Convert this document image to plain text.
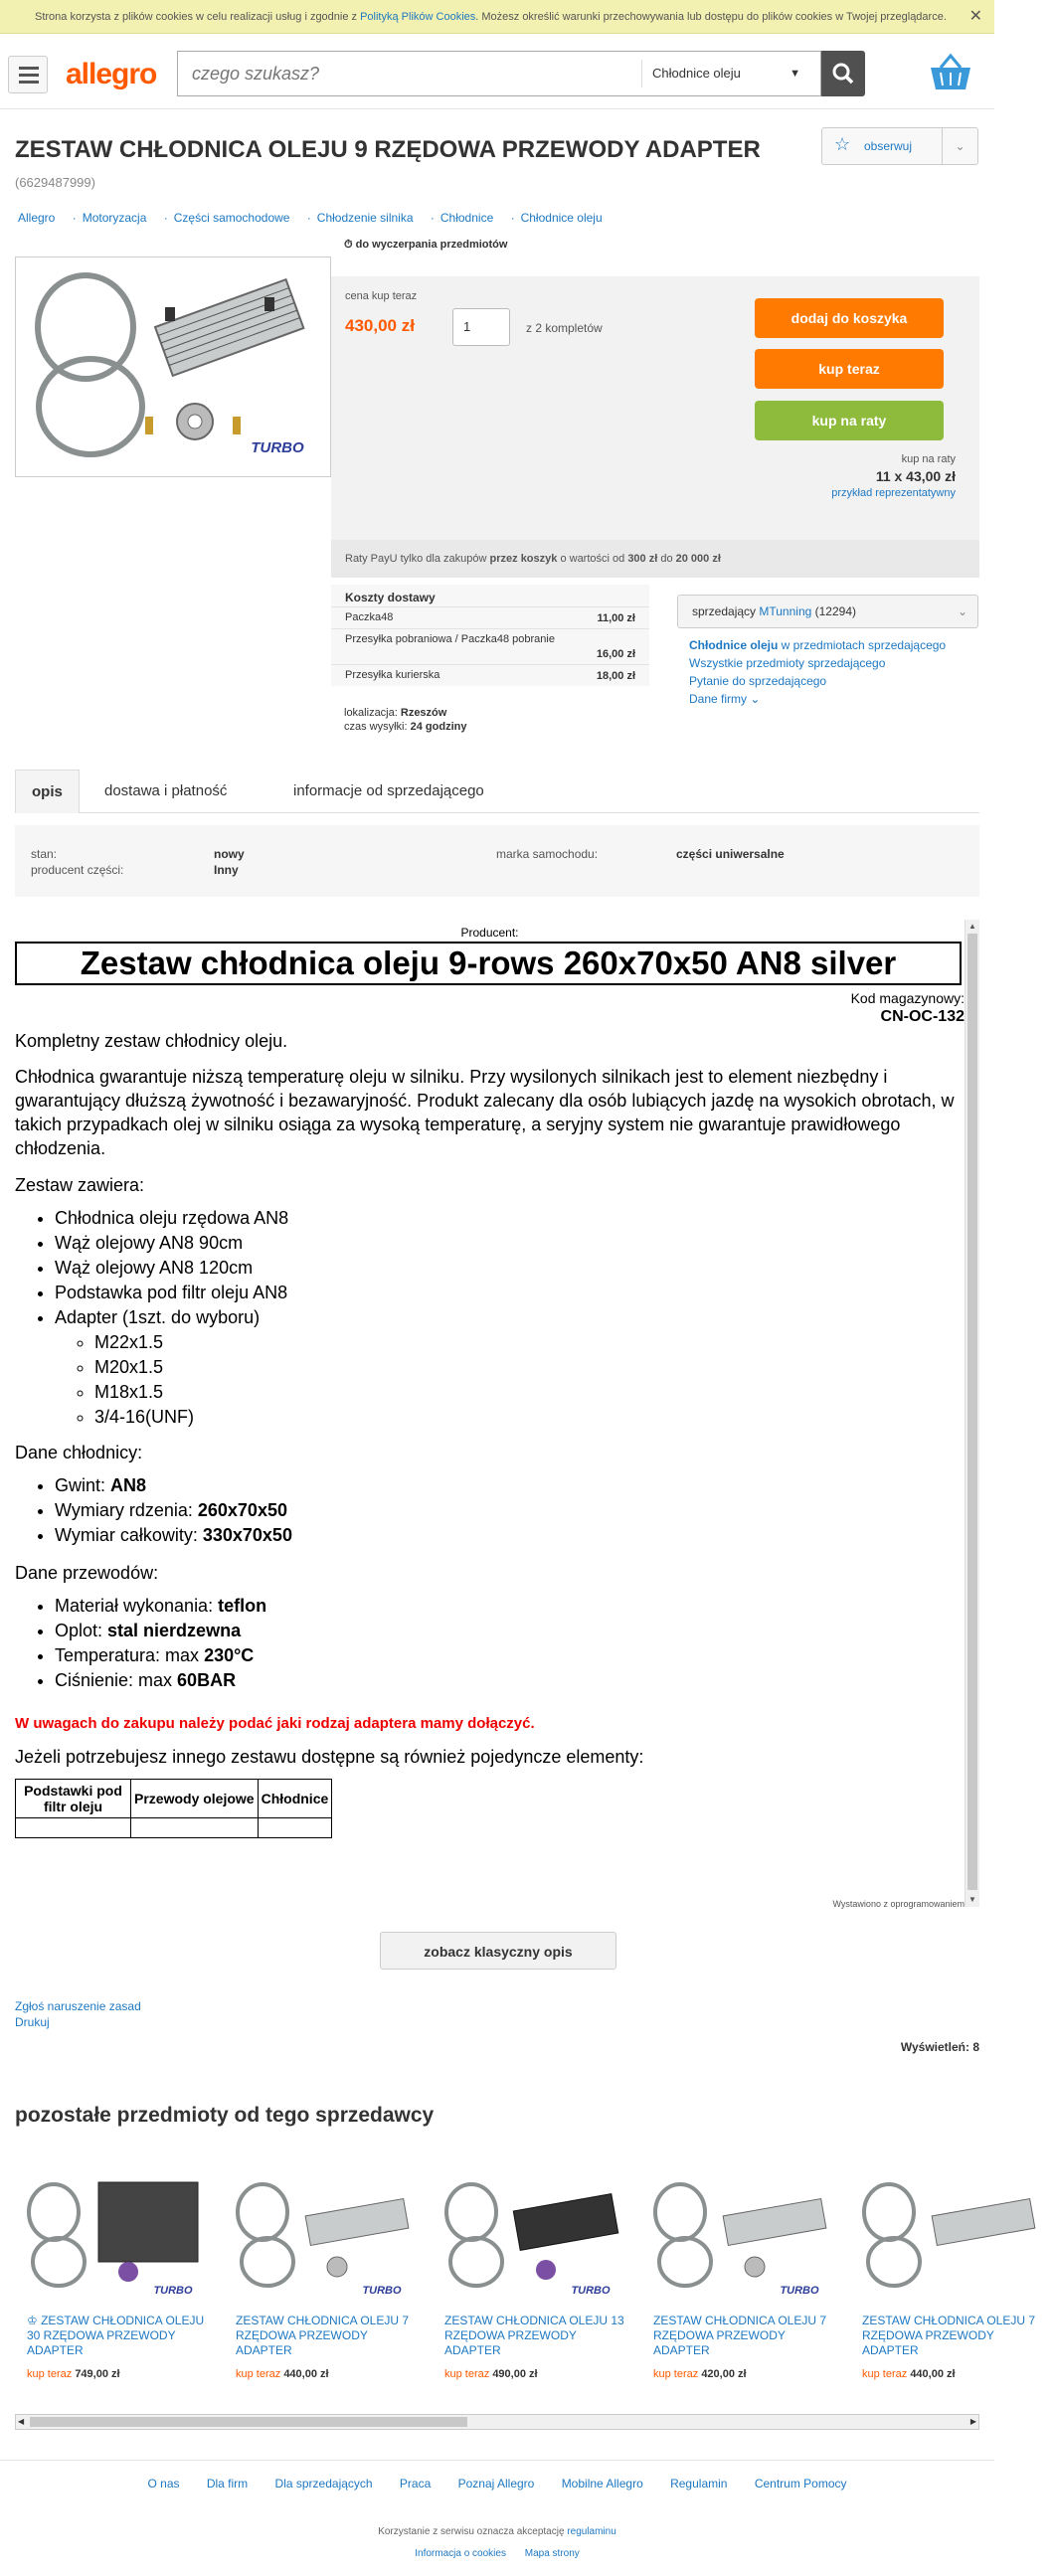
Strona korzysta z plików cookies w celu realizacji usług i zgodnie z Polityką Plików Cookies. Możesz określić warunki przechowywania lub dostępu do plików cookies w Twojej przeglądarce. ✕
allegro
czego szukasz?	Chłodnice oleju	▼
ZESTAW CHŁODNICA OLEJU 9 RZĘDOWA PRZEWODY ADAPTER (6629487999)
☆ obserwuj	⌄
Allegro · Motoryzacja · Części samochodowe · Chłodzenie silnika · Chłodnice · Chłodnice oleju
TURBO
⏱ do wyczerpania przedmiotów
cena kup teraz
430,00 zł	1	z 2 kompletów
dodaj do koszyka
kup teraz
kup na raty
kup na raty
11 x 43,00 zł
przykład reprezentatywny
Raty PayU tylko dla zakupów przez koszyk o wartości od 300 zł do 20 000 zł
Koszty dostawy
Paczka48	11,00 zł
Przesyłka pobraniowa / Paczka48 pobranie
16,00 zł
Przesyłka kurierska	18,00 zł
lokalizacja: Rzeszów
czas wysyłki: 24 godziny
sprzedający MTunning (12294)	⌄
Chłodnice oleju w przedmiotach sprzedającego
Wszystkie przedmioty sprzedającego
Pytanie do sprzedającego
Dane firmy ⌄
opis	dostawa i płatność	informacje od sprzedającego
stan:	nowy
producent części:	Inny
marka samochodu:	części uniwersalne
Producent:
Zestaw chłodnica oleju 9-rows 260x70x50 AN8 silver
Kod magazynowy:
CN-OC-132
Kompletny zestaw chłodnicy oleju.
Chłodnica gwarantuje niższą temperaturę oleju w silniku. Przy wysilonych silnikach jest to element niezbędny i gwarantujący dłuższą żywotność i bezawaryjność. Produkt zalecany dla osób lubiących jazdę na wysokich obrotach, w takich przypadkach olej w silniku osiąga za wysoką temperaturę, a seryjny system nie gwarantuje prawidłowego chłodzenia.
Zestaw zawiera:
• Chłodnica oleju rzędowa AN8
• Wąż olejowy AN8 90cm
• Wąż olejowy AN8 120cm
• Podstawka pod filtr oleju AN8
• Adapter (1szt. do wyboru)
◦ M22x1.5
◦ M20x1.5
◦ M18x1.5
◦ 3/4-16(UNF)
Dane chłodnicy:
• Gwint: AN8
• Wymiary rdzenia: 260x70x50
• Wymiar całkowity: 330x70x50
Dane przewodów:
• Materiał wykonania: teflon
• Oplot: stal nierdzewna
• Temperatura: max 230°C
• Ciśnienie: max 60BAR
W uwagach do zakupu należy podać jaki rodzaj adaptera mamy dołączyć.
Jeżeli potrzebujesz innego zestawu dostępne są również pojedyncze elementy:
Podstawki pod filtr oleju	Przewody olejowe	Chłodnice

Wystawiono z oprogramowaniem
▲
▼
zobacz klasyczny opis
Zgłoś naruszenie zasad
Drukuj
Wyświetleń: 8
pozostałe przedmioty od tego sprzedawcy
TURBO
♔ ZESTAW CHŁODNICA OLEJU 30 RZĘDOWA PRZEWODY ADAPTER
kup teraz 749,00 zł
TURBO
ZESTAW CHŁODNICA OLEJU 7 RZĘDOWA PRZEWODY ADAPTER
kup teraz 440,00 zł
TURBO
ZESTAW CHŁODNICA OLEJU 13 RZĘDOWA PRZEWODY ADAPTER
kup teraz 490,00 zł
TURBO
ZESTAW CHŁODNICA OLEJU 7 RZĘDOWA PRZEWODY ADAPTER
kup teraz 420,00 zł
ZESTAW CHŁODNICA OLEJU 7 RZĘDOWA PRZEWODY ADAPTER
kup teraz 440,00 zł
◀	▶
O nas Dla firm Dla sprzedających Praca Poznaj Allegro Mobilne Allegro Regulamin Centrum Pomocy
Korzystanie z serwisu oznacza akceptację regulaminu
Informacja o cookies Mapa strony
